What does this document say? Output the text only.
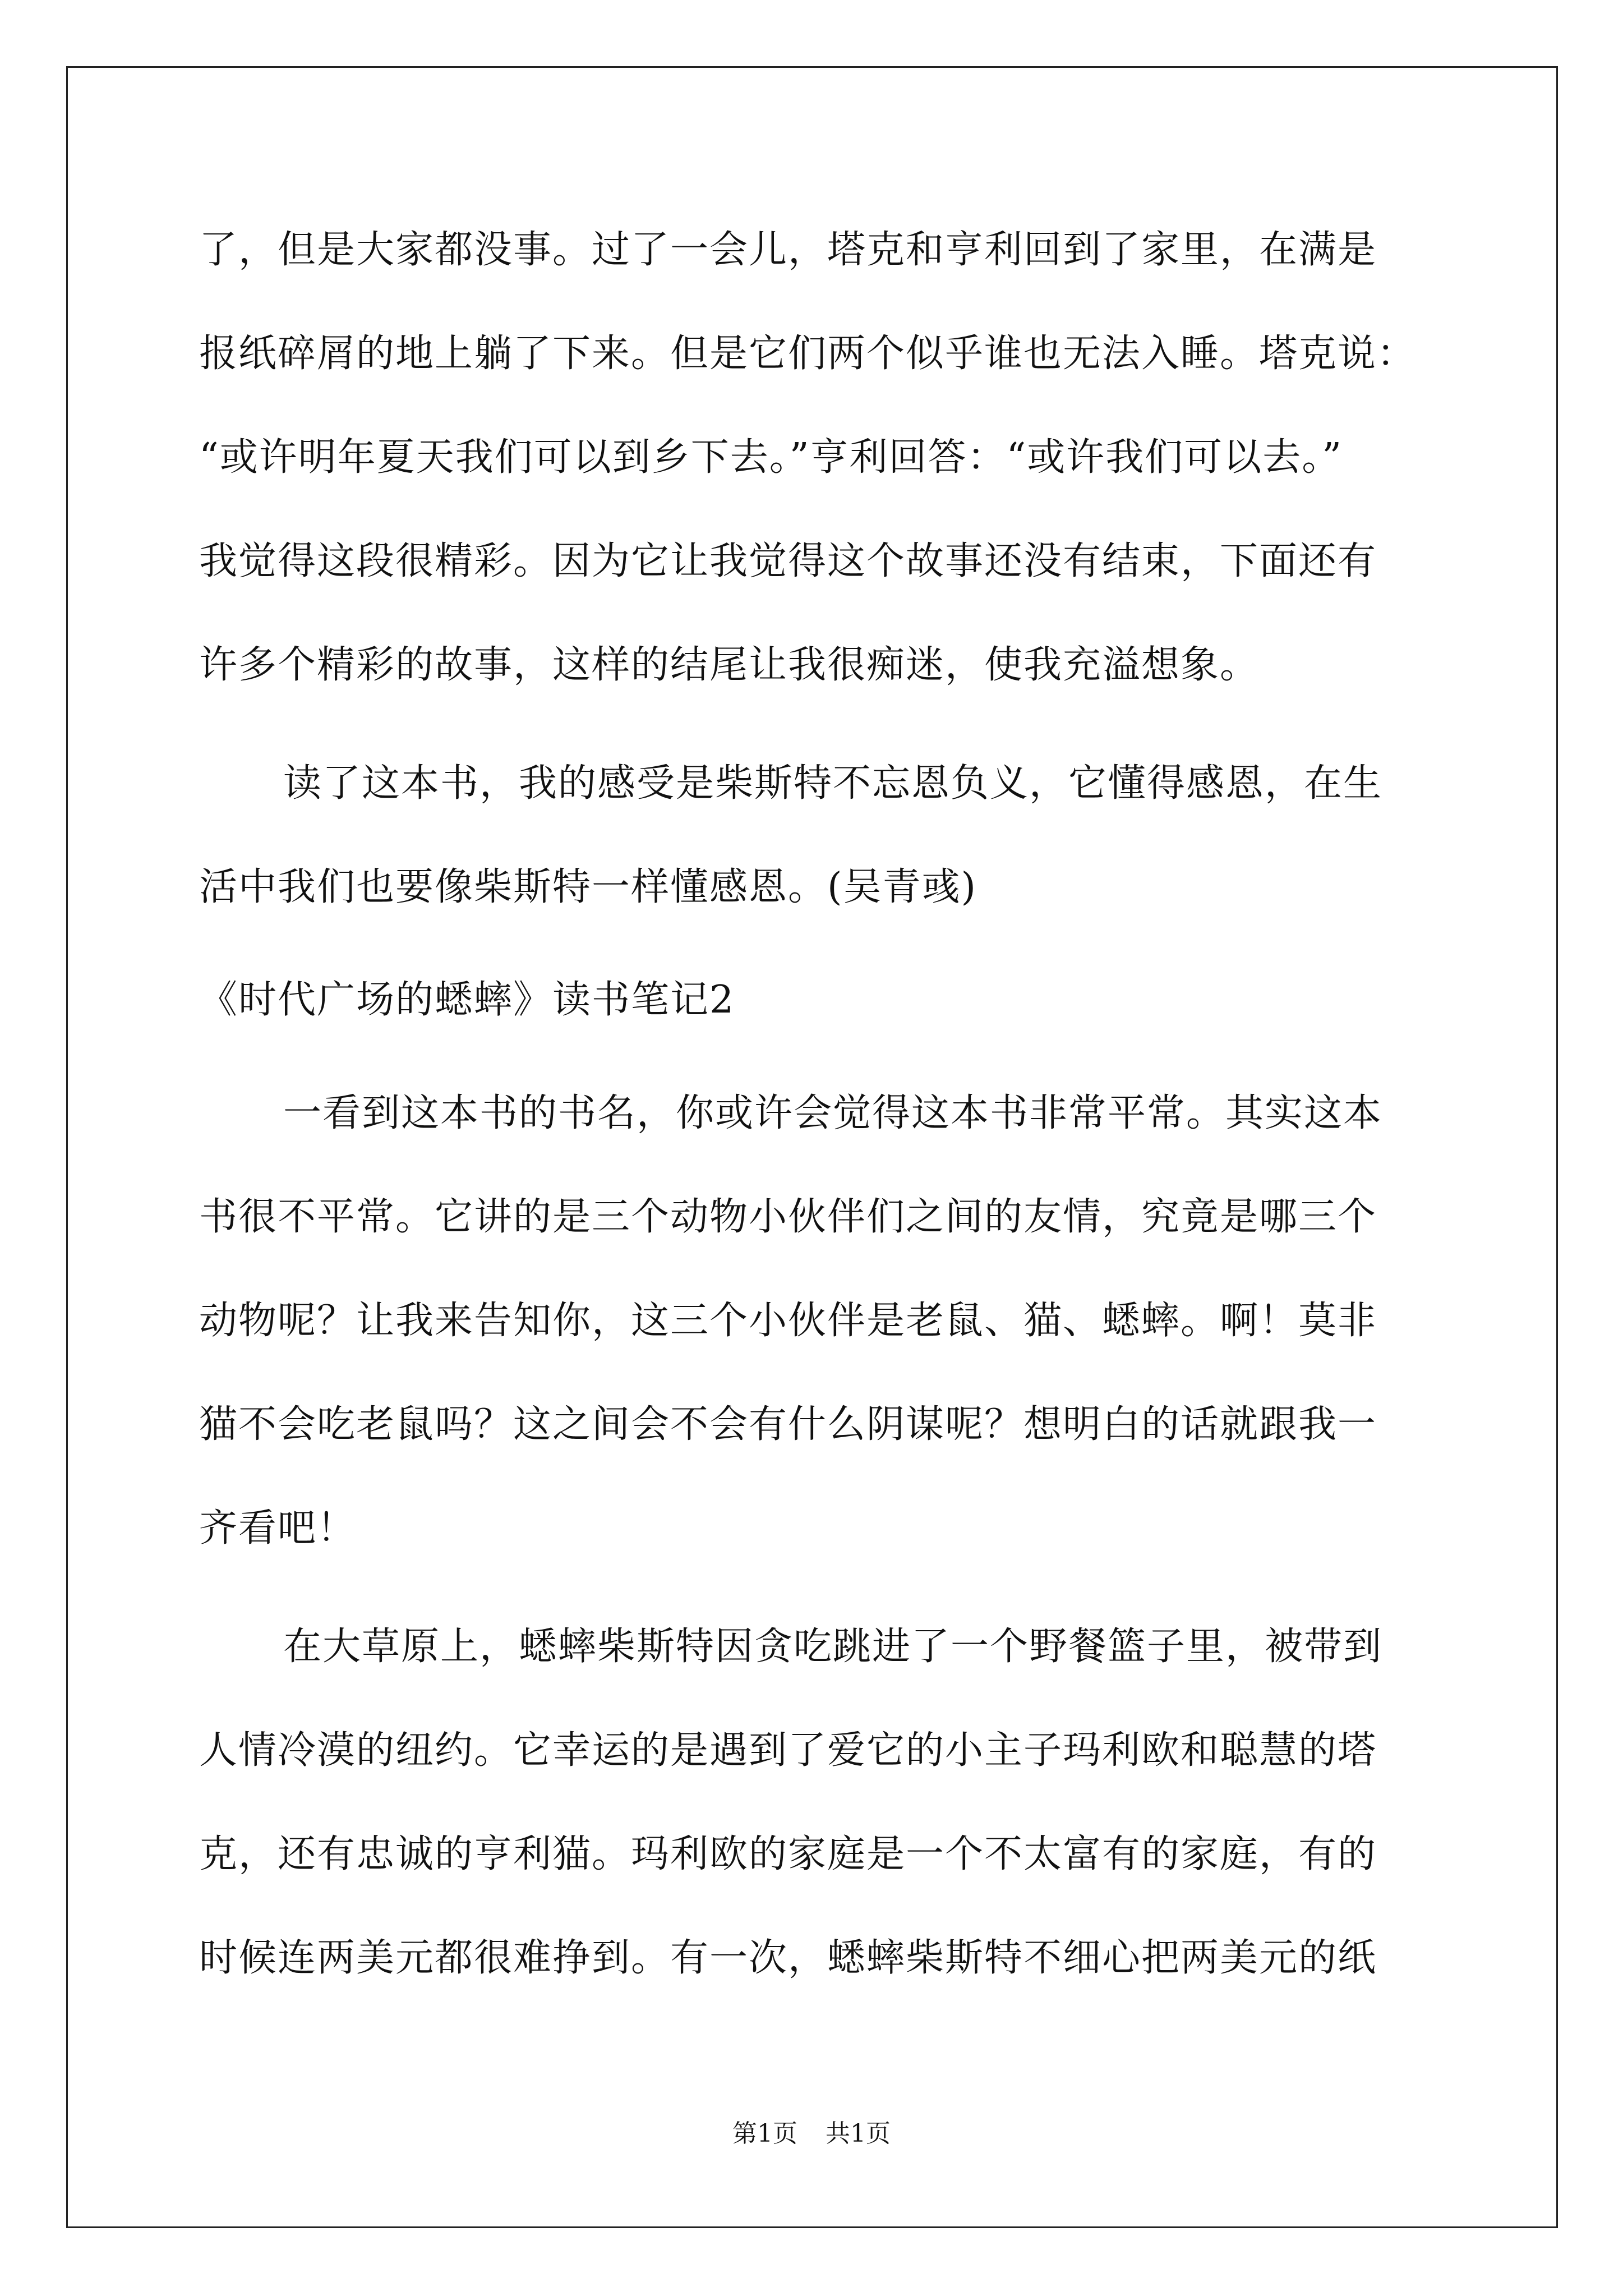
了，但是大家都没事。过了一会儿，塔克和亨利回到了家里，在满是
报纸碎屑的地上躺了下来。但是它们两个似乎谁也无法入睡。塔克说：
“或许明年夏天我们可以到乡下去。”亨利回答：“或许我们可以去。”
我觉得这段很精彩。因为它让我觉得这个故事还没有结束，下面还有
许多个精彩的故事，这样的结尾让我很痴迷，使我充溢想象。
读了这本书，我的感受是柴斯特不忘恩负义，它懂得感恩，在生
活中我们也要像柴斯特一样懂感恩。(吴青彧)
《时代广场的蟋蟀》读书笔记2
一看到这本书的书名，你或许会觉得这本书非常平常。其实这本
书很不平常。它讲的是三个动物小伙伴们之间的友情，究竟是哪三个
动物呢？让我来告知你，这三个小伙伴是老鼠、猫、蟋蟀。啊！莫非
猫不会吃老鼠吗？这之间会不会有什么阴谋呢？想明白的话就跟我一
齐看吧！
在大草原上，蟋蟀柴斯特因贪吃跳进了一个野餐篮子里，被带到
人情冷漠的纽约。它幸运的是遇到了爱它的小主子玛利欧和聪慧的塔
克，还有忠诚的亨利猫。玛利欧的家庭是一个不太富有的家庭，有的
时候连两美元都很难挣到。有一次，蟋蟀柴斯特不细心把两美元的纸
第1页 共1页
